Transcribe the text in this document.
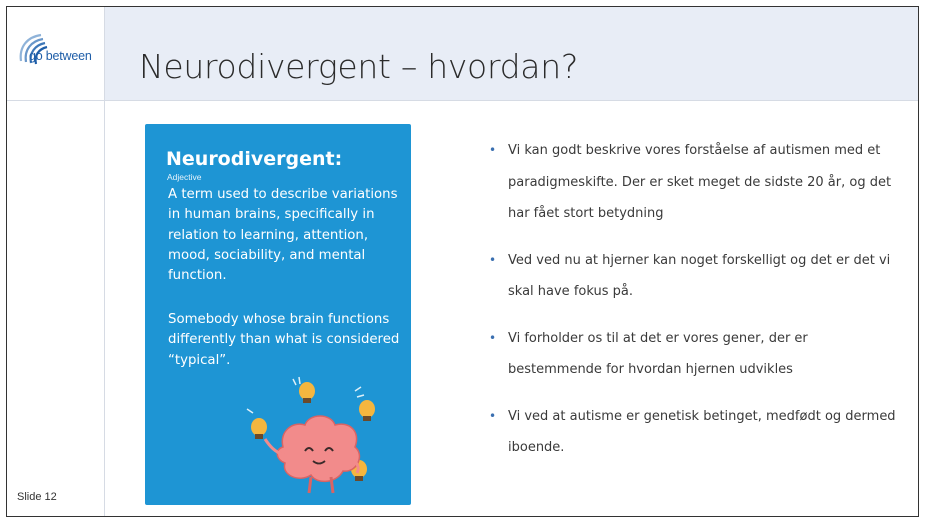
go between
Slide 12
Neurodivergent – hvordan?
Neurodivergent:
Adjective
A term used to describe variations in human brains, specifically in relation to learning, attention, mood, sociability, and mental function.
Somebody whose brain functions differently than what is considered “typical”.
• Vi kan godt beskrive vores forståelse af autismen med et paradigmeskifte. Der er sket meget de sidste 20 år, og det har fået stort betydning
• Ved ved nu at hjerner kan noget forskelligt og det er det vi skal have fokus på.
• Vi forholder os til at det er vores gener, der er bestemmende for hvordan hjernen udvikles
• Vi ved at autisme er genetisk betinget, medfødt og dermed iboende.
